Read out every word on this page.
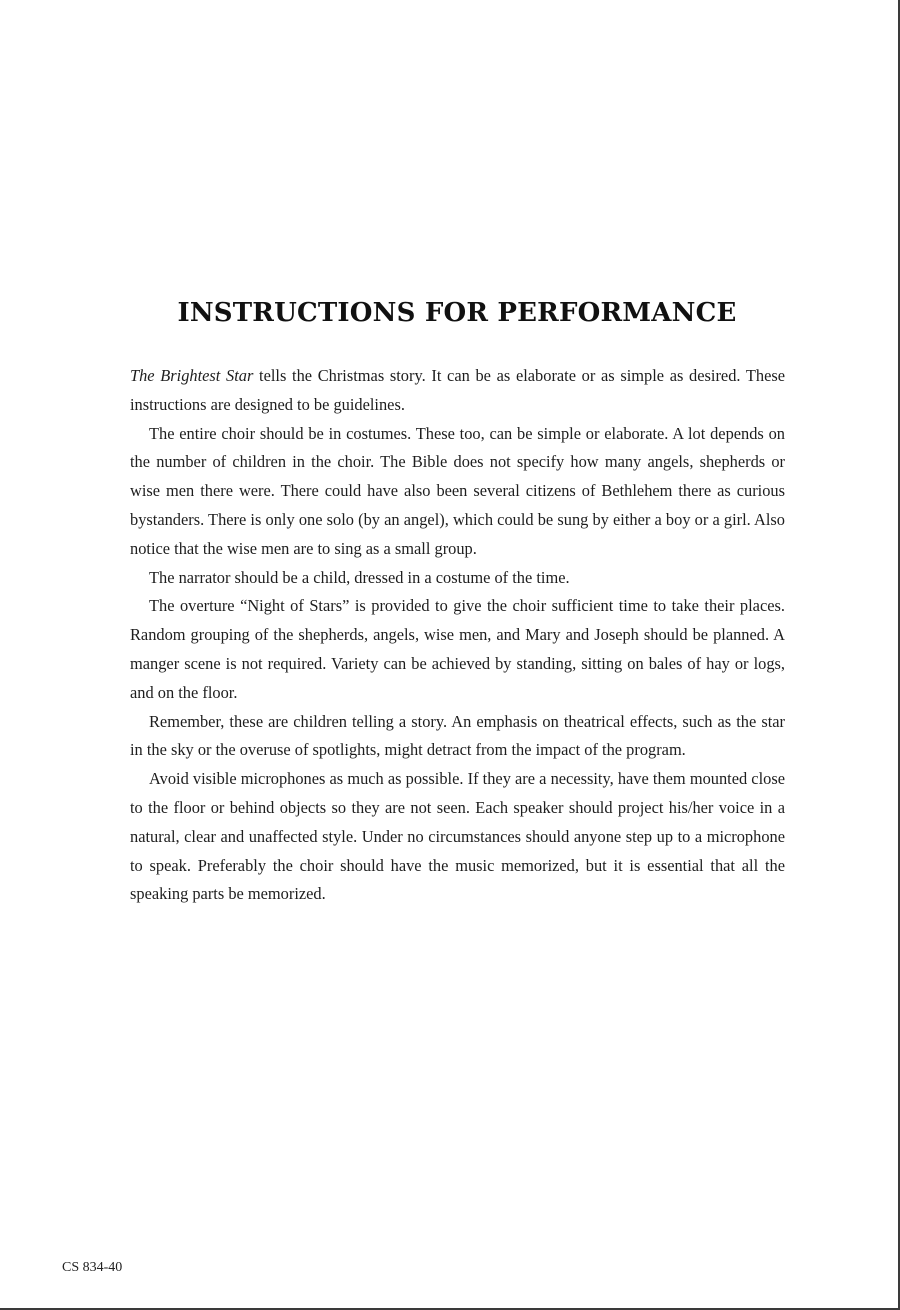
INSTRUCTIONS FOR PERFORMANCE

The Brightest Star tells the Christmas story. It can be as elaborate or as simple as desired. These instructions are designed to be guidelines.

The entire choir should be in costumes. These too, can be simple or elaborate. A lot depends on the number of children in the choir. The Bible does not specify how many angels, shepherds or wise men there were. There could have also been several citizens of Bethlehem there as curious bystanders. There is only one solo (by an angel), which could be sung by either a boy or a girl. Also notice that the wise men are to sing as a small group.

The narrator should be a child, dressed in a costume of the time.

The overture “Night of Stars” is provided to give the choir sufficient time to take their places. Random grouping of the shepherds, angels, wise men, and Mary and Joseph should be planned. A manger scene is not required. Variety can be achieved by standing, sitting on bales of hay or logs, and on the floor.

Remember, these are children telling a story. An emphasis on theatrical effects, such as the star in the sky or the overuse of spotlights, might detract from the impact of the program.

Avoid visible microphones as much as possible. If they are a necessity, have them mounted close to the floor or behind objects so they are not seen. Each speaker should project his/her voice in a natural, clear and unaffected style. Under no circumstances should anyone step up to a microphone to speak. Preferably the choir should have the music memorized, but it is essential that all the speaking parts be memorized.

CS 834-40
